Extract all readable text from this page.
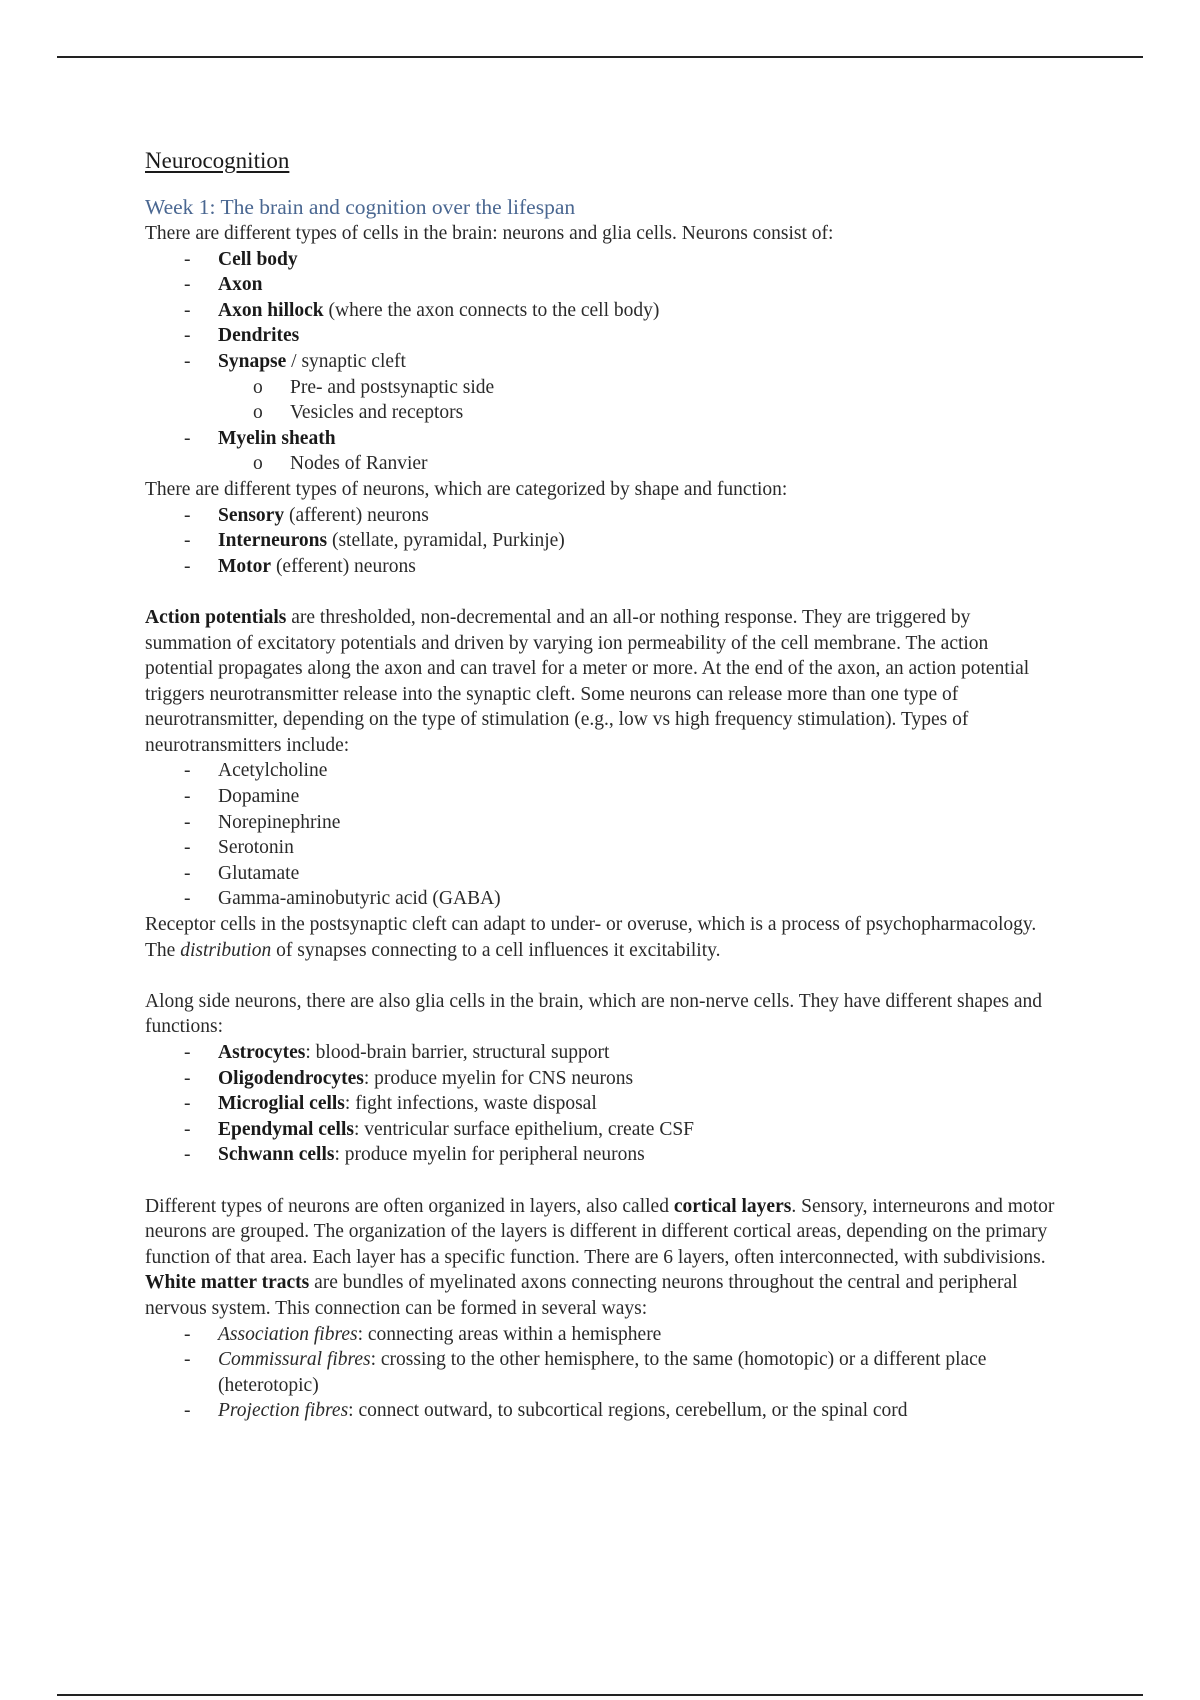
Neurocognition
Week 1: The brain and cognition over the lifespan

There are different types of cells in the brain: neurons and glia cells. Neurons consist of:

- Cell body
- Axon
- Axon hillock (where the axon connects to the cell body)
- Dendrites
- Synapse / synaptic cleft
o Pre- and postsynaptic side
o Vesicles and receptors
- Myelin sheath
o Nodes of Ranvier

There are different types of neurons, which are categorized by shape and function:

- Sensory (afferent) neurons
- Interneurons (stellate, pyramidal, Purkinje)
- Motor (efferent) neurons

Action potentials are thresholded, non-decremental and an all-or nothing response. They are triggered by summation of excitatory potentials and driven by varying ion permeability of the cell membrane. The action potential propagates along the axon and can travel for a meter or more. At the end of the axon, an action potential triggers neurotransmitter release into the synaptic cleft. Some neurons can release more than one type of neurotransmitter, depending on the type of stimulation (e.g., low vs high frequency stimulation). Types of neurotransmitters include:

- Acetylcholine
- Dopamine
- Norepinephrine
- Serotonin
- Glutamate
- Gamma-aminobutyric acid (GABA)

Receptor cells in the postsynaptic cleft can adapt to under- or overuse, which is a process of psychopharmacology. The distribution of synapses connecting to a cell influences it excitability.

Along side neurons, there are also glia cells in the brain, which are non-nerve cells. They have different shapes and functions:

- Astrocytes: blood-brain barrier, structural support
- Oligodendrocytes: produce myelin for CNS neurons
- Microglial cells: fight infections, waste disposal
- Ependymal cells: ventricular surface epithelium, create CSF
- Schwann cells: produce myelin for peripheral neurons

Different types of neurons are often organized in layers, also called cortical layers. Sensory, interneurons and motor neurons are grouped. The organization of the layers is different in different cortical areas, depending on the primary function of that area. Each layer has a specific function. There are 6 layers, often interconnected, with subdivisions.

White matter tracts are bundles of myelinated axons connecting neurons throughout the central and peripheral nervous system. This connection can be formed in several ways:

- Association fibres: connecting areas within a hemisphere
- Commissural fibres: crossing to the other hemisphere, to the same (homotopic) or a different place (heterotopic)
- Projection fibres: connect outward, to subcortical regions, cerebellum, or the spinal cord
